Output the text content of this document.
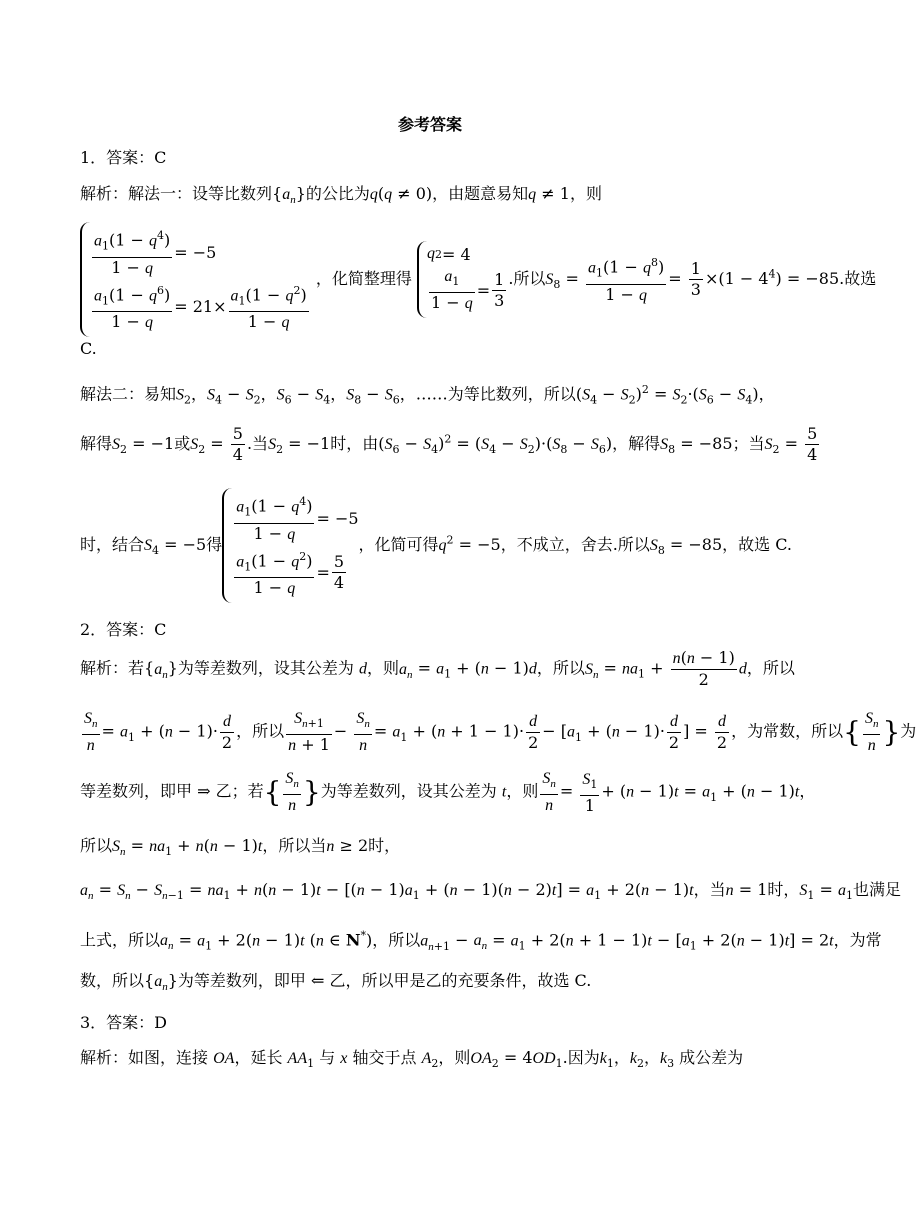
参考答案
1．答案：C
解析：解法一：设等比数列$\{a_n\}$的公比为q(q ≠ 0)，由题意易知q ≠ 1，则
$a_1(1 - q^4)$
1 − q
= −5
$a_1(1 - q^6)$
1 − q
= 21×
$a_1(1 - q^2)$
1 − q
，化简整理得
q 2 = 4
$a_1$
1 − q
=
1
3
.所以$S_8 = \frac{a_1(1 - q^8)}{1 - q} = \frac{1}{3} \times(1 - 4^4) = -85$.故选
C.
解法二：易知$S_2$，$S_4 - S_2$，$S_6 - S_4$，$S_8 - S_6$，……为等比数列，所以$(S_4 - S_2)^2 = S_2\cdot(S_6 - S_4)$，
解得$S_2 = -1$或$S_2 = \frac{5}{4}$ .当$S_2 = -1$时，由$(S_6 - S_4)^2 = (S_4 - S_2)\cdot(S_8 - S_6)$，解得$S_8 = -85$；当$S_2 = \frac{5}{4}$
时，结合$S_4 = -5$得
$a_1(1 - q^4)$
1 − q
= −5
$a_1(1 - q^2)$
1 − q
=
5
4
，化简可得$q^2 = -5$，不成立，舍去.所以$S_8 = -85$，故选 C.
2．答案：C
解析：若$\{a_n\}$为等差数列，设其公差为 d，则$a_n = a_1 + (n - 1)d$，所以$S_n = na_1 + \frac{n(n - 1)}{2}$ d，所以
$\frac{S_n}{n} = a_1 + (n - 1)\cdot \frac{d}{2}$ ，所以 $\frac{S_{n+1}}{n + 1} - \frac{S_n}{n} = a_1 + (n + 1 - 1)\cdot \frac{d}{2} - [a_1 + (n - 1)\cdot \frac{d}{2}$ ] = $\frac{d}{2}$ ，为常数，所以{ $\frac{S_n}{n}$ }为
等差数列，即甲 ⇒ 乙；若{ $\frac{S_n}{n}$ }为等差数列，设其公差为 t，则 $\frac{S_n}{n} = \frac{S_1}{1} + (n - 1)t = a_1 + (n - 1)t$，
所以$S_n = na_1 + n(n - 1)t$，所以当n ≥ 2时，
$a_n = S_n - S_{n-1} = na_1 + n(n - 1)t - [(n - 1)a_1 + (n - 1)(n - 2)t] = a_1 + 2(n - 1)t$，当n = 1时，$S_1 = a_1$也满足
上式，所以$a_n = a_1 + 2(n - 1)t$ (n ∈ N*)，所以$a_{n+1} - a_n = a_1 + 2(n + 1 - 1)t - [a_1 + 2(n - 1)t] = 2t$，为常
数，所以$\{a_n\}$为等差数列，即甲 ⇐ 乙，所以甲是乙的充要条件，故选 C.
3．答案：D
解析：如图，连接 OA，延长 $AA_1$ 与 x 轴交于点 $A_2$，则$OA_2 = 4OD_1$.因为$k_1$，$k_2$，$k_3$ 成公差为
